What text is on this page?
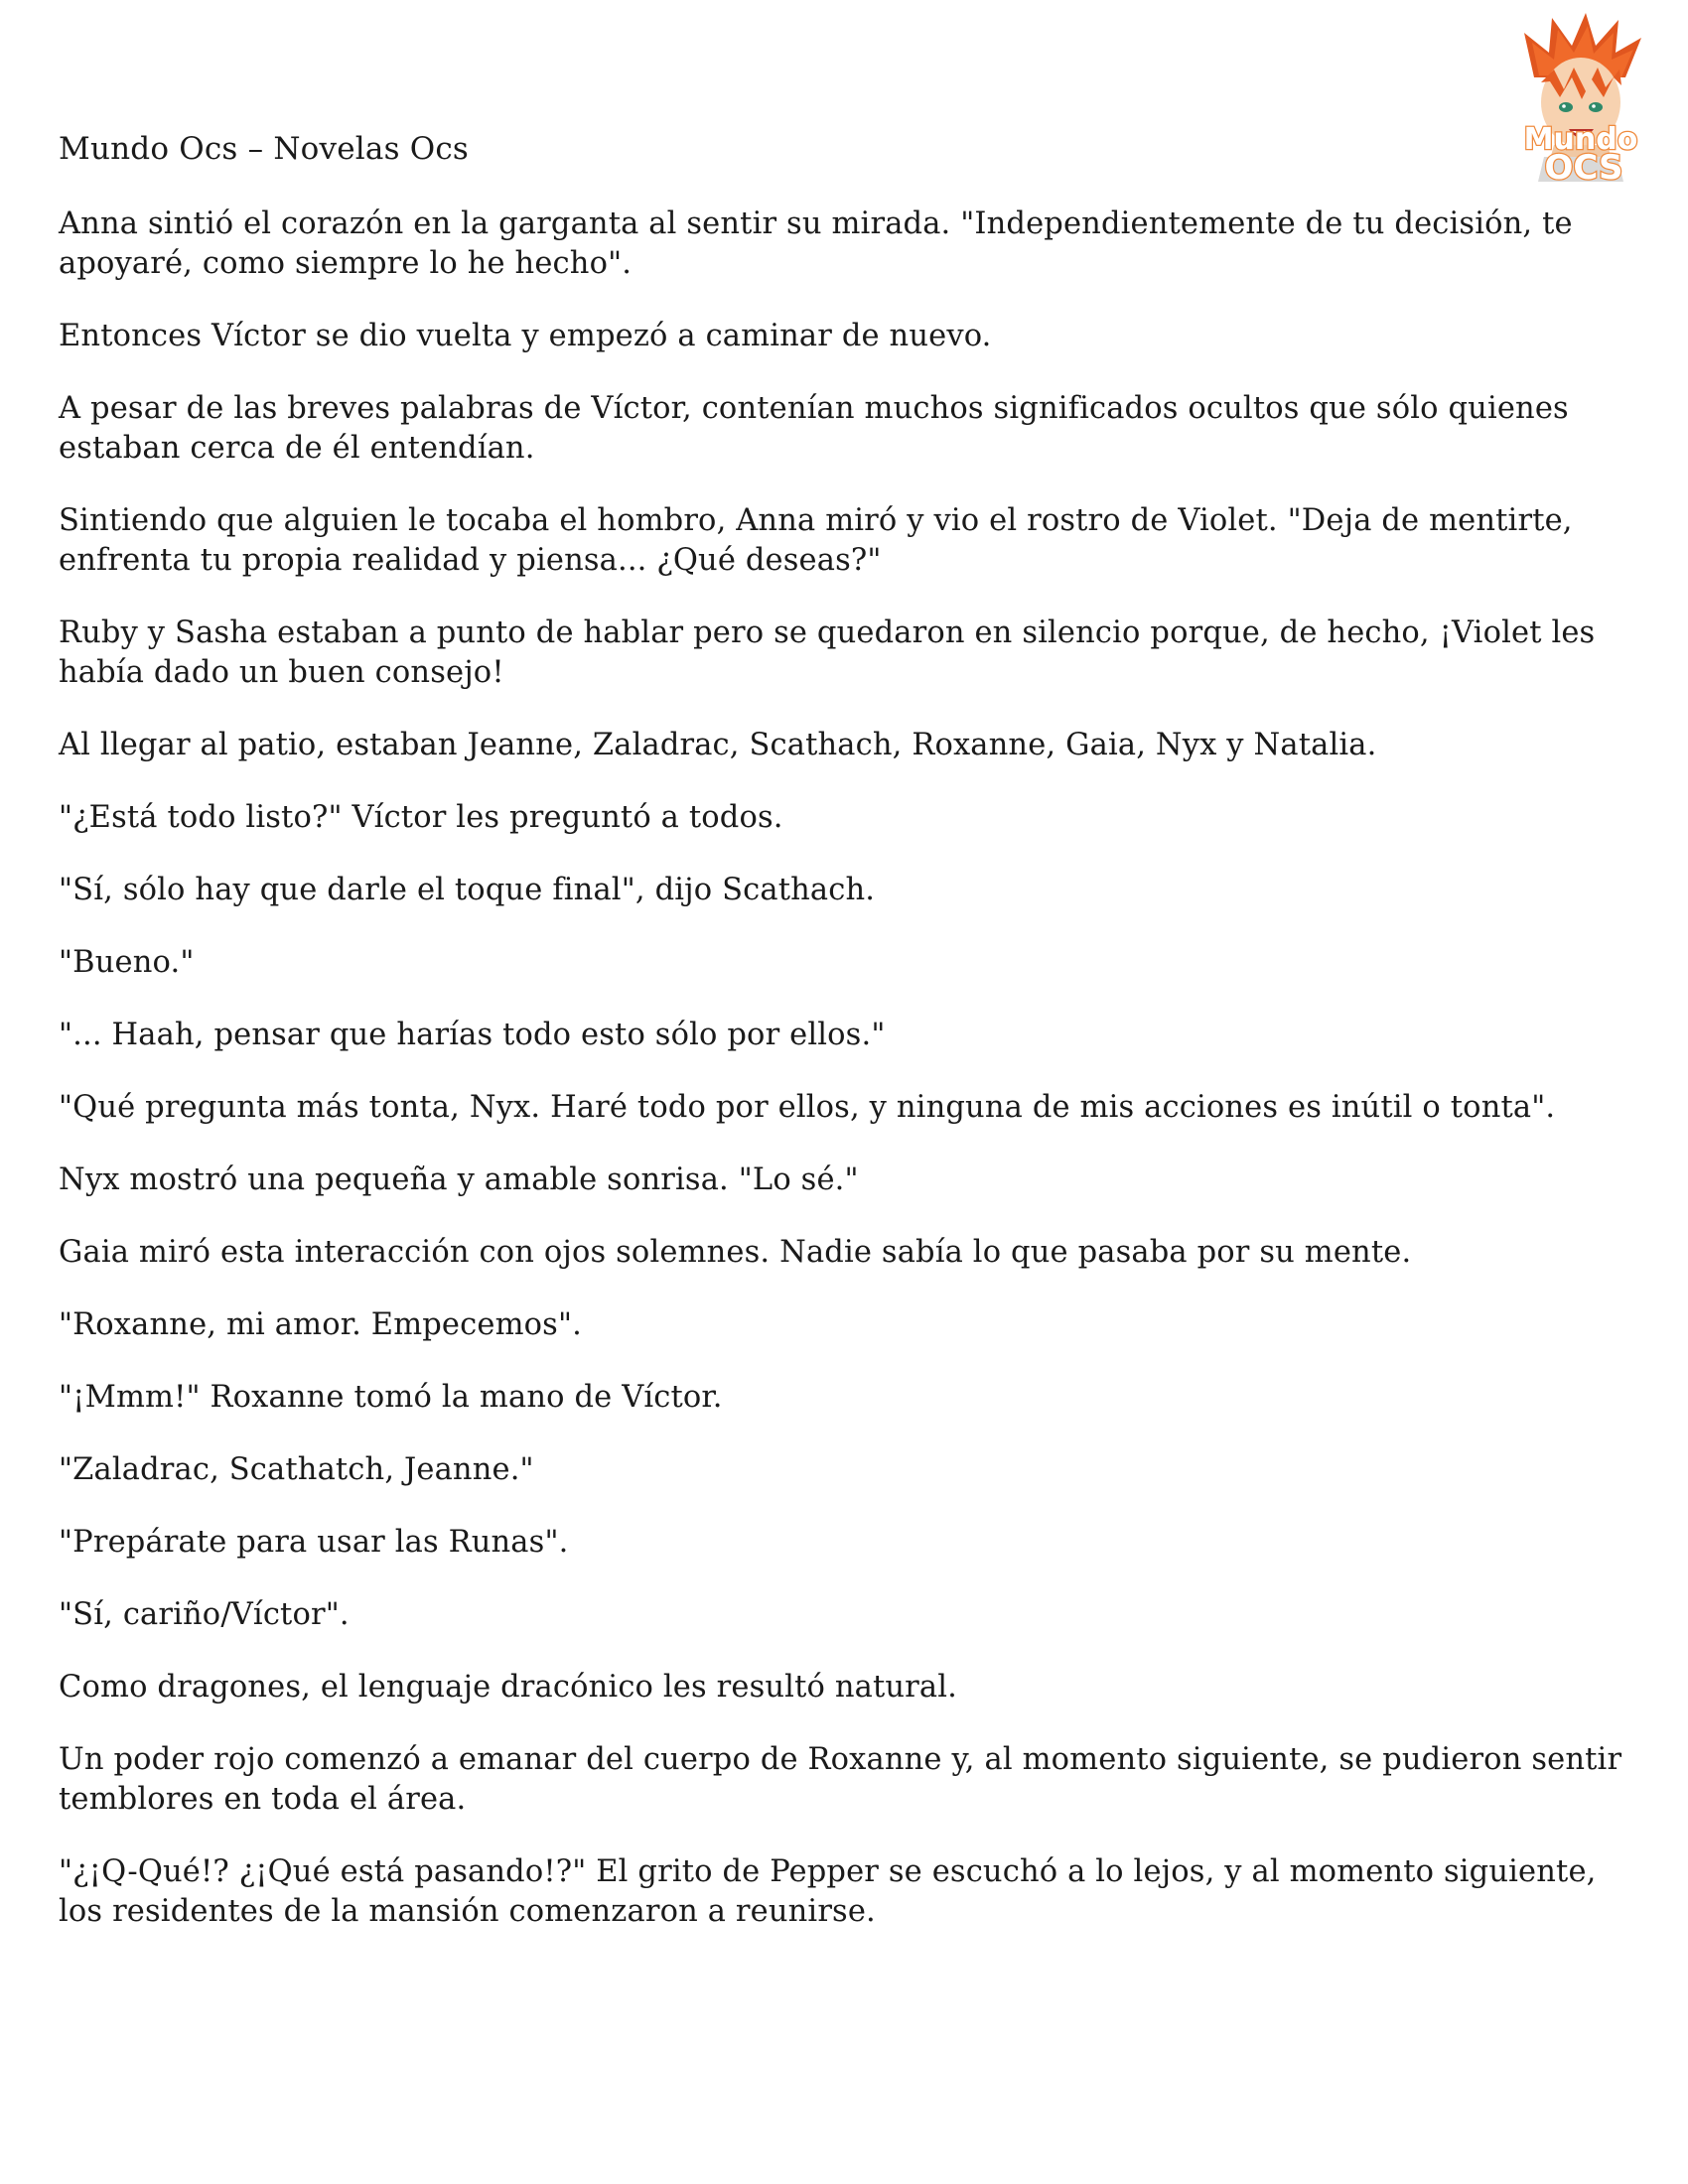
Mundo Ocs – Novelas Ocs	Mundo
OCS

Anna sintió el corazón en la garganta al sentir su mirada. "Independientemente de tu decisión, te apoyaré, como siempre lo he hecho".

Entonces Víctor se dio vuelta y empezó a caminar de nuevo.

A pesar de las breves palabras de Víctor, contenían muchos significados ocultos que sólo quienes estaban cerca de él entendían.

Sintiendo que alguien le tocaba el hombro, Anna miró y vio el rostro de Violet. "Deja de mentirte, enfrenta tu propia realidad y piensa... ¿Qué deseas?"

Ruby y Sasha estaban a punto de hablar pero se quedaron en silencio porque, de hecho, ¡Violet les había dado un buen consejo!

Al llegar al patio, estaban Jeanne, Zaladrac, Scathach, Roxanne, Gaia, Nyx y Natalia.

"¿Está todo listo?" Víctor les preguntó a todos.

"Sí, sólo hay que darle el toque final", dijo Scathach.

"Bueno."

"... Haah, pensar que harías todo esto sólo por ellos."

"Qué pregunta más tonta, Nyx. Haré todo por ellos, y ninguna de mis acciones es inútil o tonta".

Nyx mostró una pequeña y amable sonrisa. "Lo sé."

Gaia miró esta interacción con ojos solemnes. Nadie sabía lo que pasaba por su mente.

"Roxanne, mi amor. Empecemos".

"¡Mmm!" Roxanne tomó la mano de Víctor.

"Zaladrac, Scathatch, Jeanne."

"Prepárate para usar las Runas".

"Sí, cariño/Víctor".

Como dragones, el lenguaje dracónico les resultó natural.

Un poder rojo comenzó a emanar del cuerpo de Roxanne y, al momento siguiente, se pudieron sentir temblores en toda el área.

"¿¡Q-Qué!? ¿¡Qué está pasando!?" El grito de Pepper se escuchó a lo lejos, y al momento siguiente, los residentes de la mansión comenzaron a reunirse.
